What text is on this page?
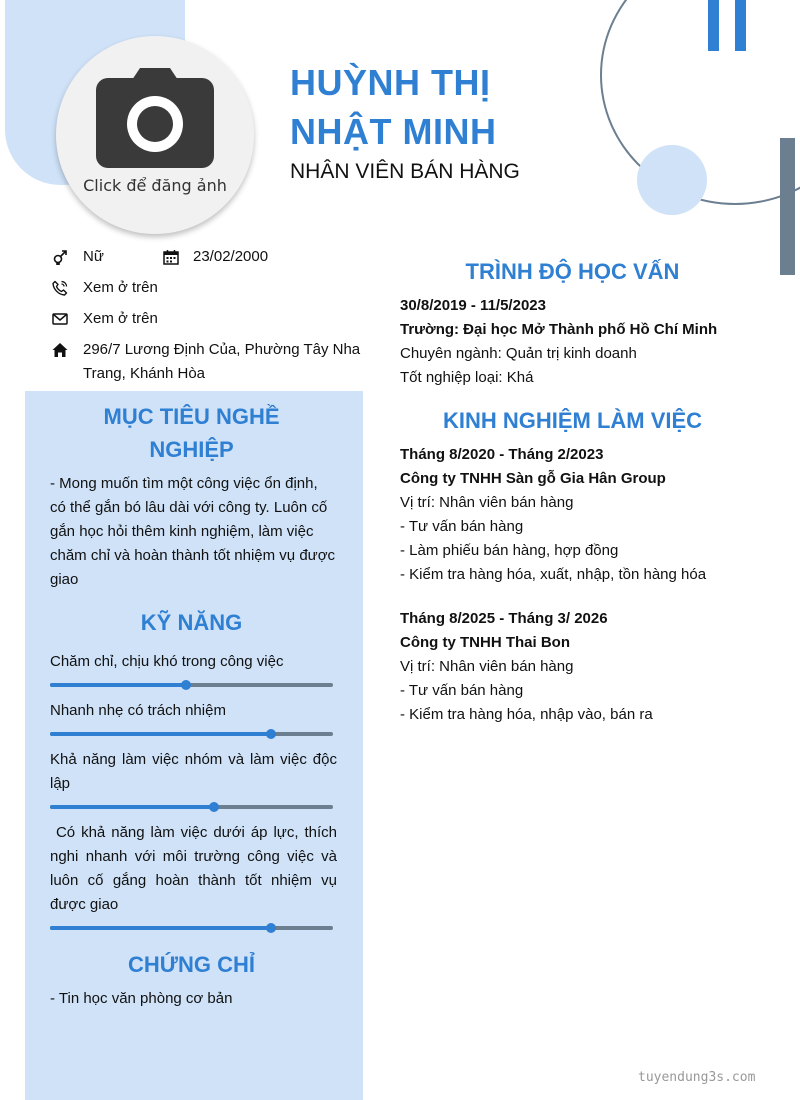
Click để đăng ảnh
HUỲNH THỊ
NHẬT MINH
NHÂN VIÊN BÁN HÀNG
Nữ	23/02/2000
Xem ở trên
Xem ở trên
296/7 Lương Định Của, Phường Tây Nha
Trang, Khánh Hòa
MỤC TIÊU NGHỀ
NGHIỆP
- Mong muốn tìm một công việc ổn định,
có thể gắn bó lâu dài với công ty. Luôn cố
gắn học hỏi thêm kinh nghiệm, làm việc
chăm chỉ và hoàn thành tốt nhiệm vụ được
giao
KỸ NĂNG
Chăm chỉ, chịu khó trong công việc
Nhanh nhẹ có trách nhiệm
Khả năng làm việc nhóm và làm việc độc
lập
Có khả năng làm việc dưới áp lực, thích
nghi nhanh với môi trường công việc và
luôn cố gắng hoàn thành tốt nhiệm vụ
được giao
CHỨNG CHỈ
- Tin học văn phòng cơ bản
TRÌNH ĐỘ HỌC VẤN
30/8/2019 - 11/5/2023
Trường: Đại học Mở Thành phố Hồ Chí Minh
Chuyên ngành: Quản trị kinh doanh
Tốt nghiệp loại: Khá
KINH NGHIỆM LÀM VIỆC
Tháng 8/2020 - Tháng 2/2023
Công ty TNHH Sàn gỗ Gia Hân Group
Vị trí: Nhân viên bán hàng
- Tư vấn bán hàng
- Làm phiếu bán hàng, hợp đồng
- Kiểm tra hàng hóa, xuất, nhập, tồn hàng hóa
Tháng 8/2025 - Tháng 3/ 2026
Công ty TNHH Thai Bon
Vị trí: Nhân viên bán hàng
- Tư vấn bán hàng
- Kiểm tra hàng hóa, nhập vào, bán ra
tuyendung3s.com
